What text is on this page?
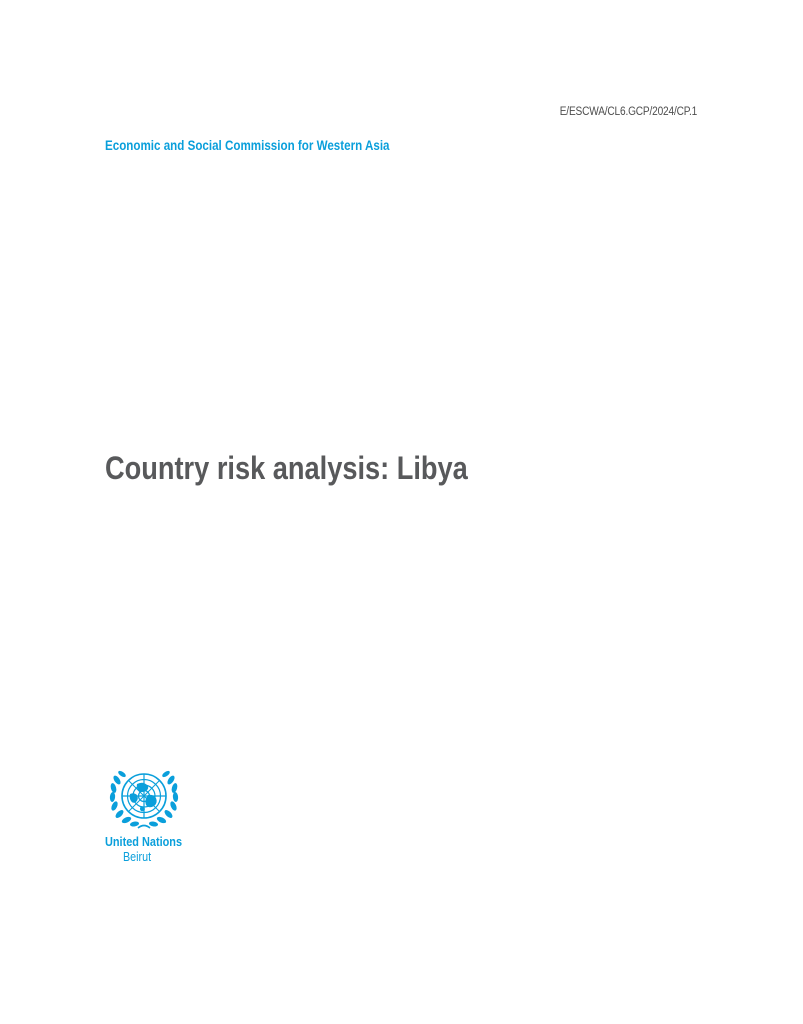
E/ESCWA/CL6.GCP/2024/CP.1
Economic and Social Commission for Western Asia
Country risk analysis: Libya
United Nations
Beirut
